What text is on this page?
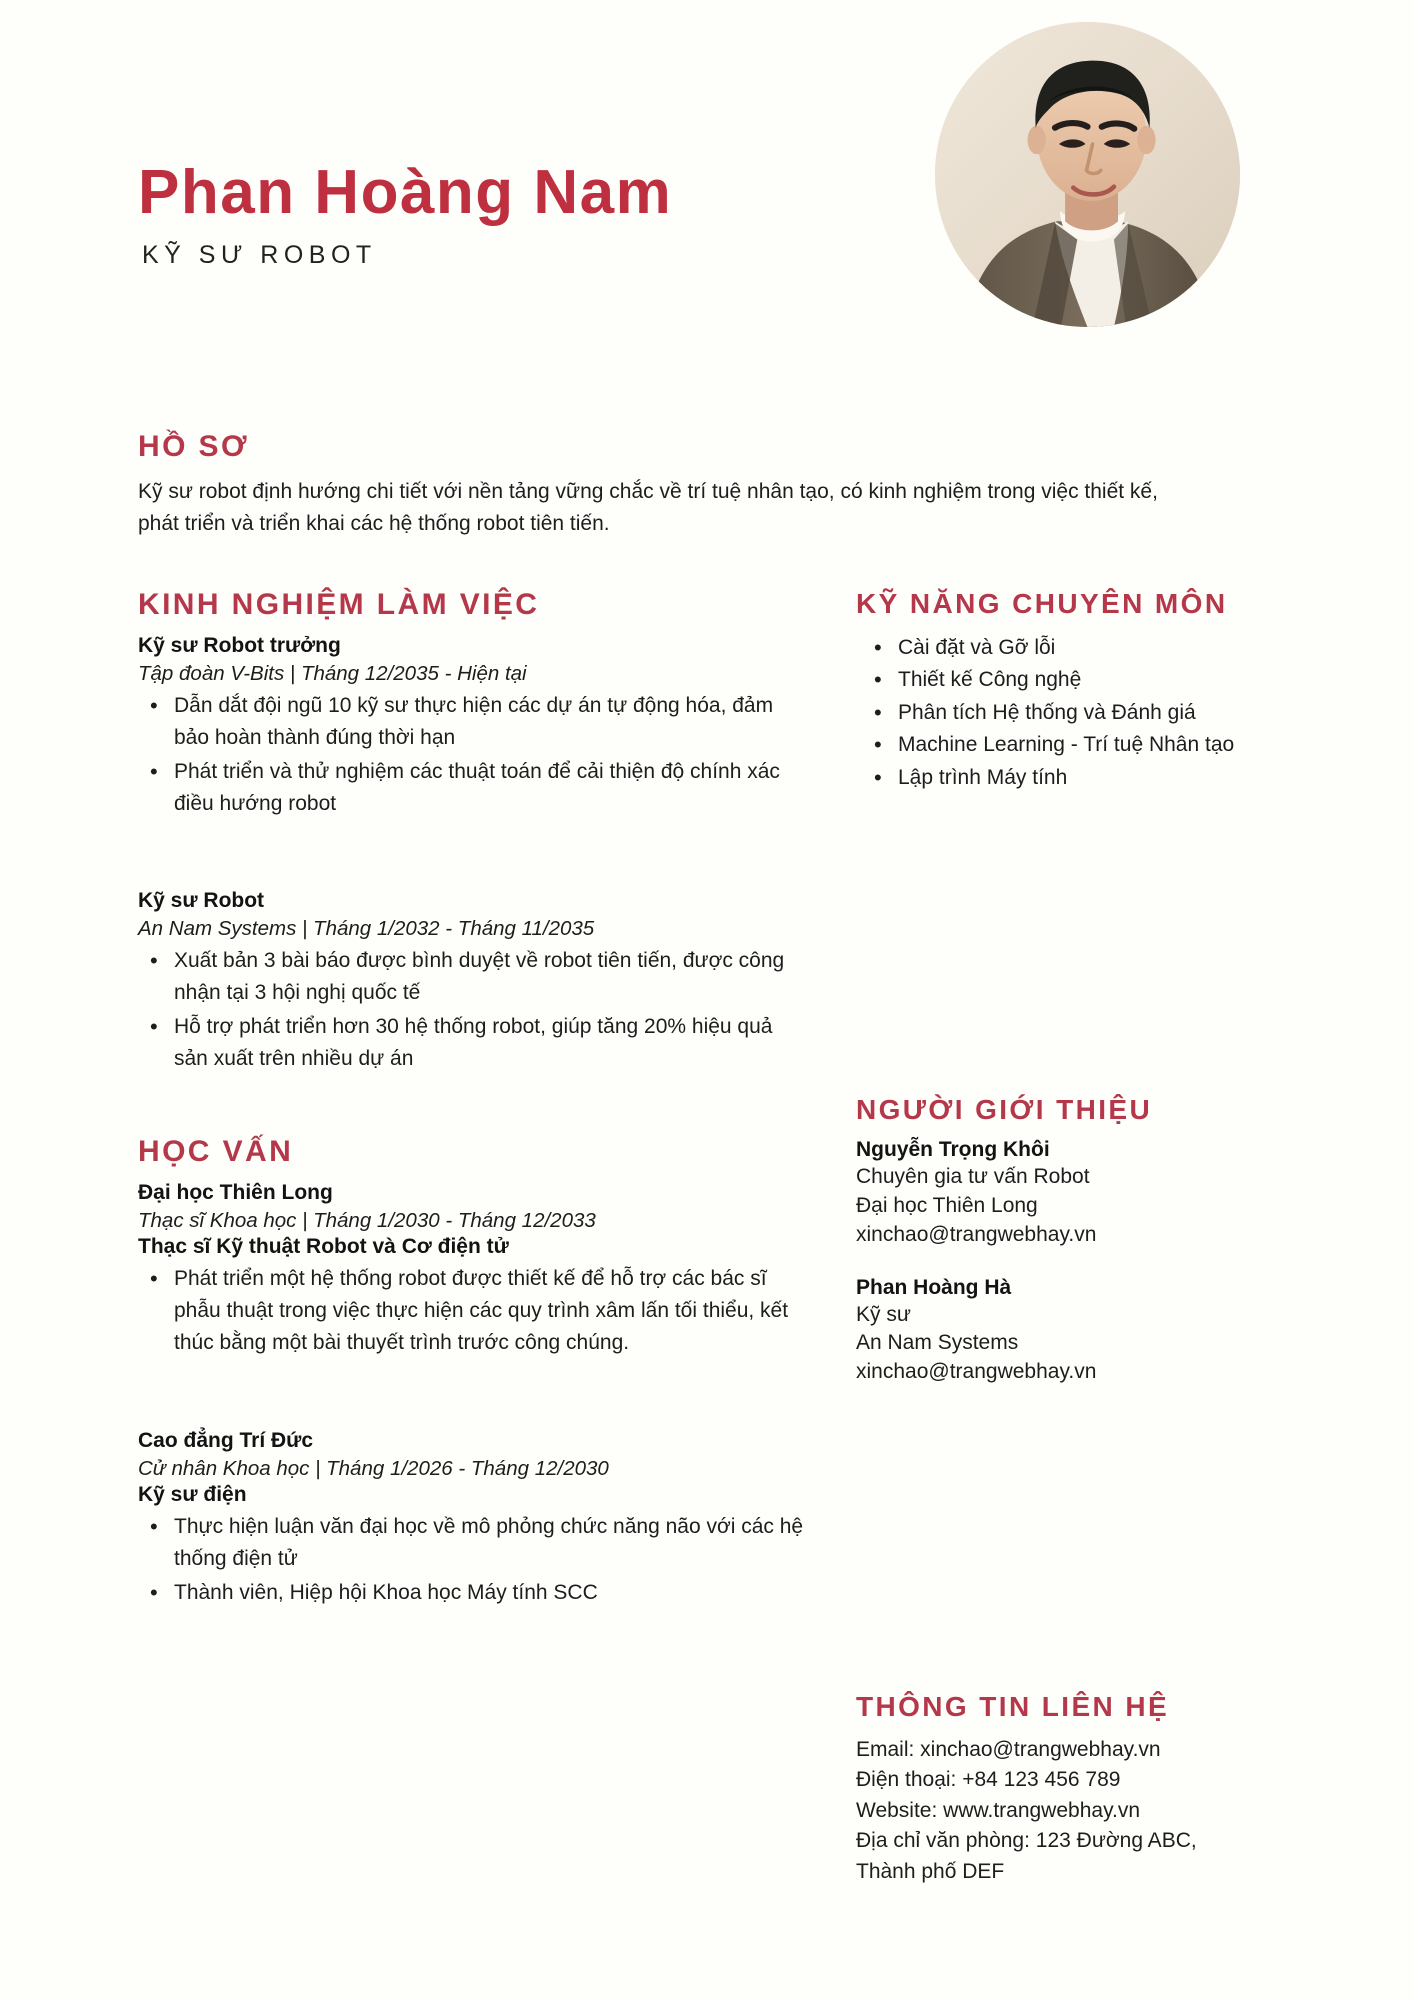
Phan Hoàng Nam
KỸ SƯ ROBOT
HỒ SƠ

Kỹ sư robot định hướng chi tiết với nền tảng vững chắc về trí tuệ nhân tạo, có kinh nghiệm trong việc thiết kế, phát triển và triển khai các hệ thống robot tiên tiến.

KINH NGHIỆM LÀM VIỆC
Kỹ sư Robot trưởng
Tập đoàn V-Bits | Tháng 12/2035 - Hiện tại
• Dẫn dắt đội ngũ 10 kỹ sư thực hiện các dự án tự động hóa, đảm bảo hoàn thành đúng thời hạn
• Phát triển và thử nghiệm các thuật toán để cải thiện độ chính xác điều hướng robot
Kỹ sư Robot
An Nam Systems | Tháng 1/2032 - Tháng 11/2035
• Xuất bản 3 bài báo được bình duyệt về robot tiên tiến, được công nhận tại 3 hội nghị quốc tế
• Hỗ trợ phát triển hơn 30 hệ thống robot, giúp tăng 20% hiệu quả sản xuất trên nhiều dự án
HỌC VẤN
Đại học Thiên Long
Thạc sĩ Khoa học | Tháng 1/2030 - Tháng 12/2033
Thạc sĩ Kỹ thuật Robot và Cơ điện tử
• Phát triển một hệ thống robot được thiết kế để hỗ trợ các bác sĩ phẫu thuật trong việc thực hiện các quy trình xâm lấn tối thiểu, kết thúc bằng một bài thuyết trình trước công chúng.
Cao đẳng Trí Đức
Cử nhân Khoa học | Tháng 1/2026 - Tháng 12/2030
Kỹ sư điện
• Thực hiện luận văn đại học về mô phỏng chức năng não với các hệ thống điện tử
• Thành viên, Hiệp hội Khoa học Máy tính SCC
KỸ NĂNG CHUYÊN MÔN
• Cài đặt và Gỡ lỗi
• Thiết kế Công nghệ
• Phân tích Hệ thống và Đánh giá
• Machine Learning - Trí tuệ Nhân tạo
• Lập trình Máy tính
NGƯỜI GIỚI THIỆU
Nguyễn Trọng Khôi

Chuyên gia tư vấn Robot

Đại học Thiên Long

xinchao@trangwebhay.vn

Phan Hoàng Hà

Kỹ sư

An Nam Systems

xinchao@trangwebhay.vn

THÔNG TIN LIÊN HỆ

Email: xinchao@trangwebhay.vn

Điện thoại: +84 123 456 789

Website: www.trangwebhay.vn

Địa chỉ văn phòng: 123 Đường ABC, Thành phố DEF
